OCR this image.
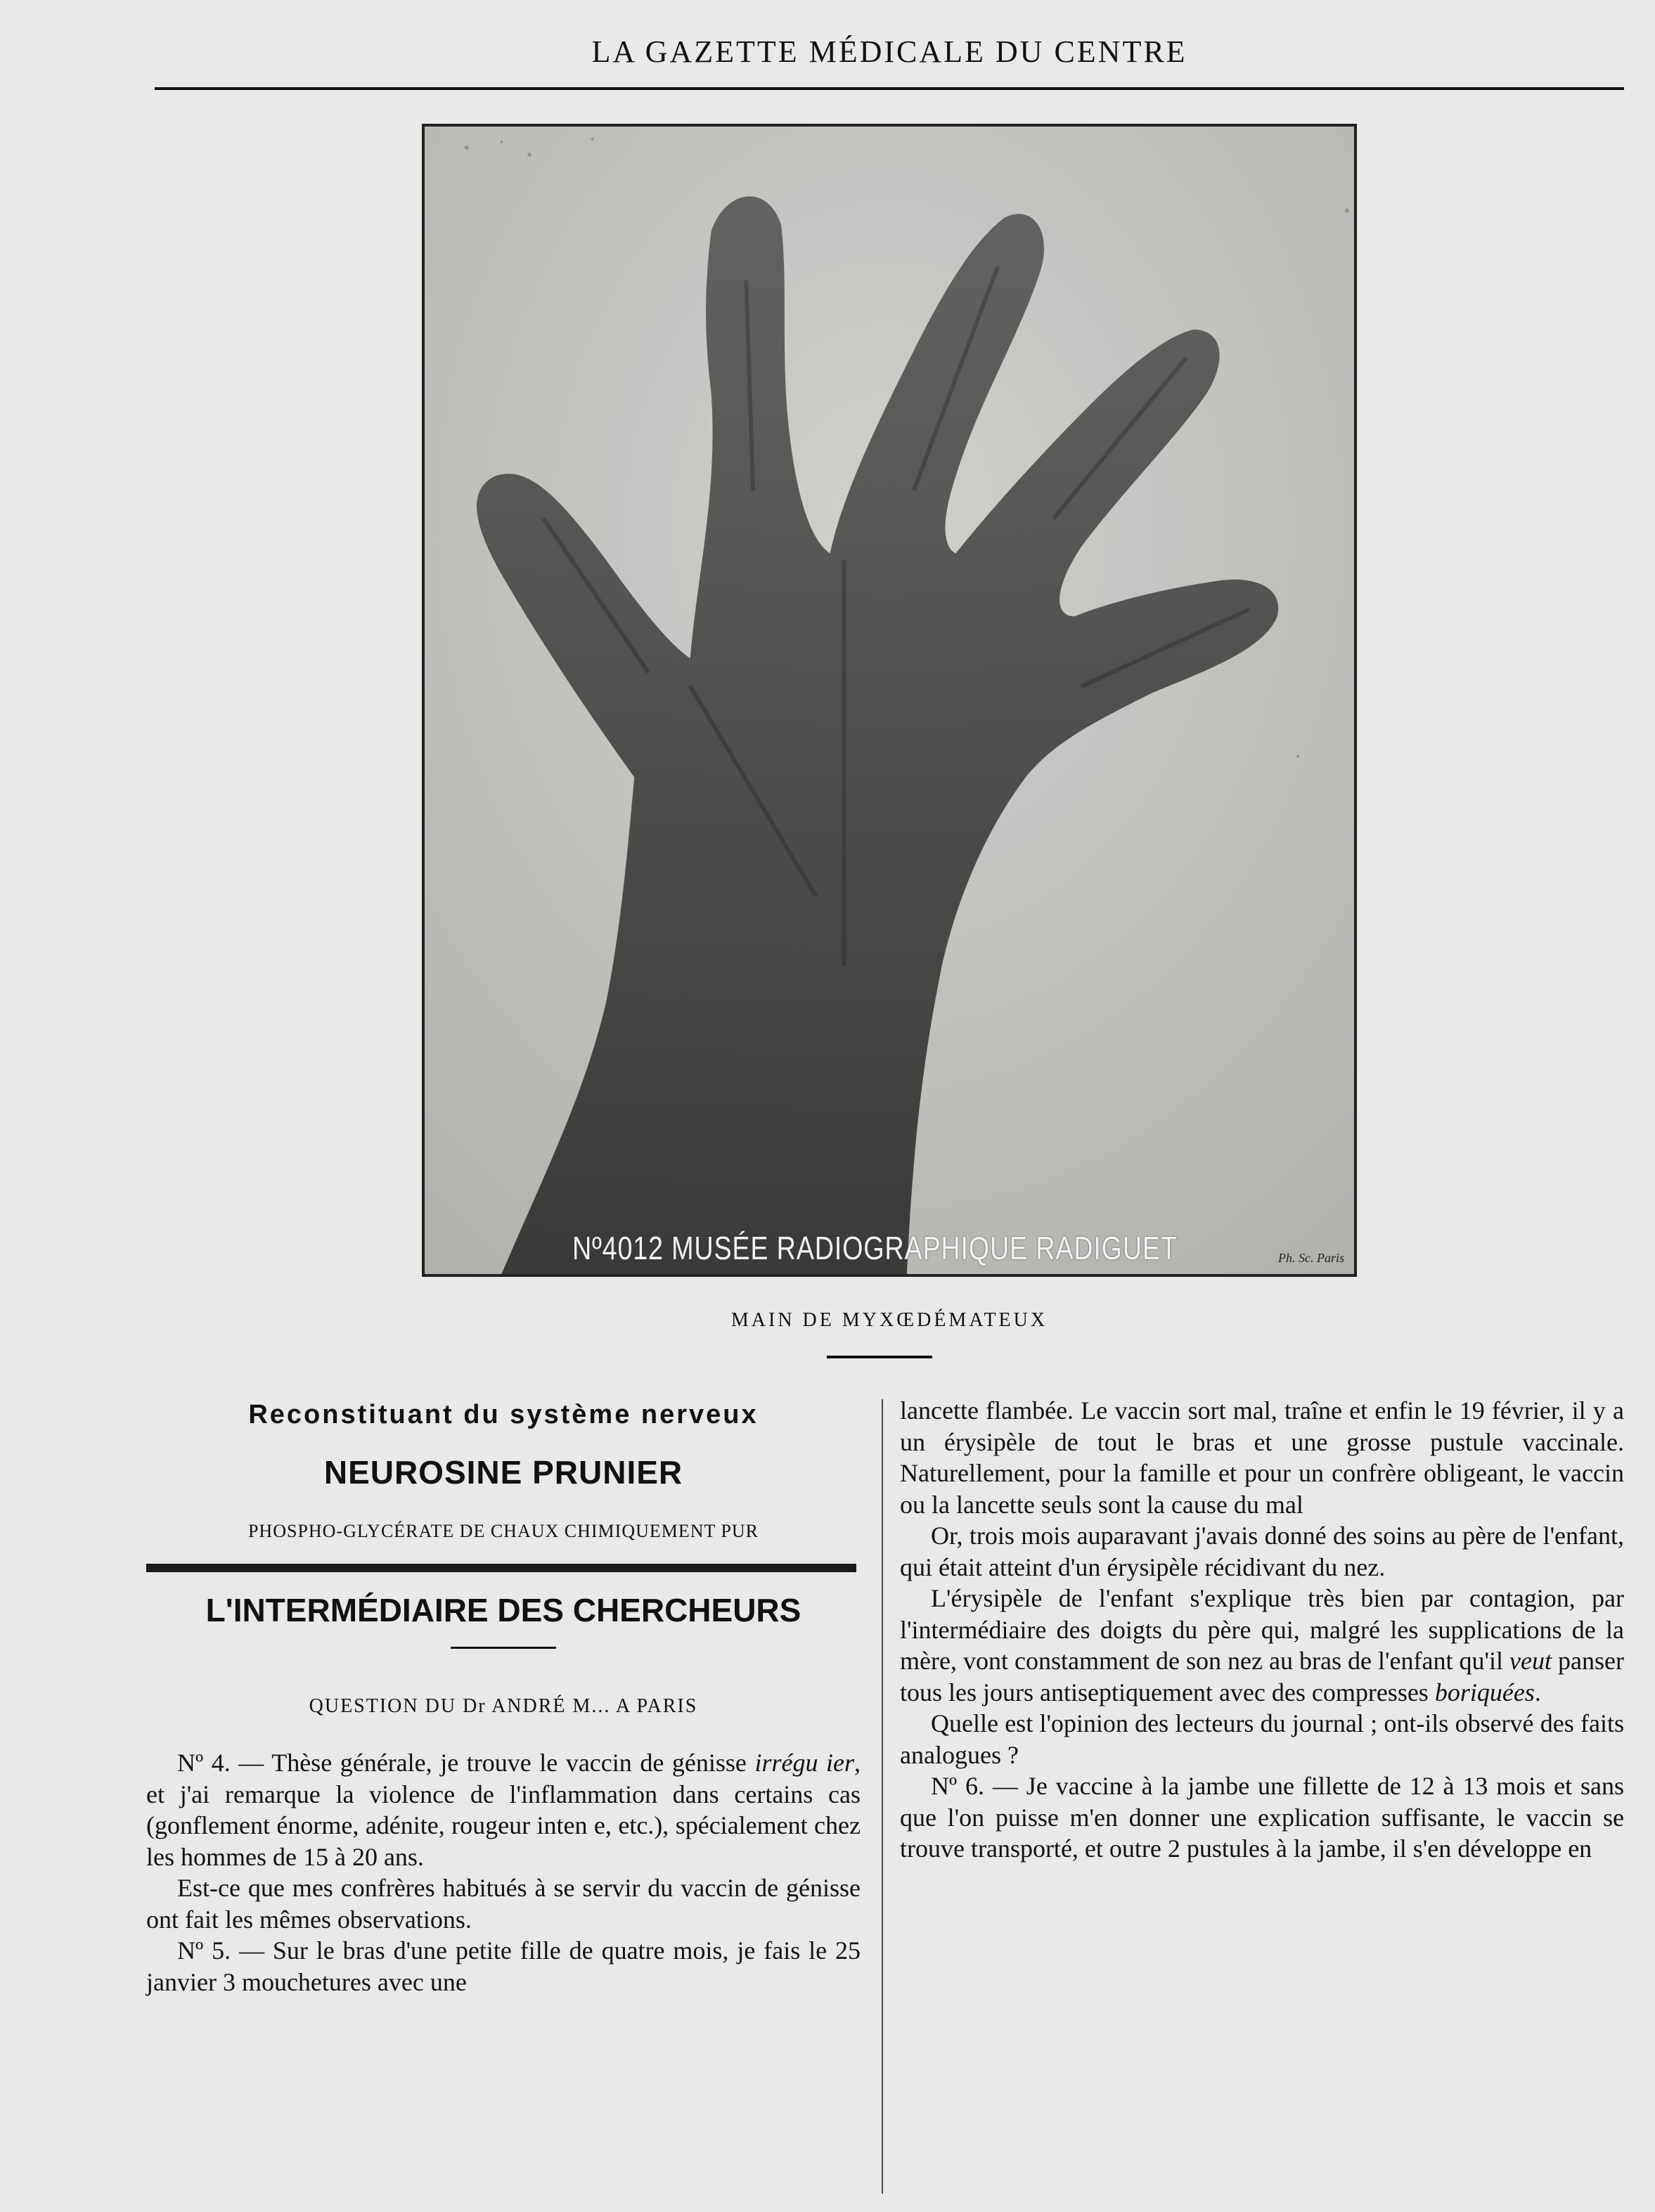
LA GAZETTE MÉDICALE DU CENTRE
Nº4012 MUSÉE RADIOGRAPHIQUE RADIGUET	Ph. Sc. Paris
MAIN DE MYXŒDÉMATEUX
Reconstituant du système nerveux
NEUROSINE PRUNIER
PHOSPHO-GLYCÉRATE DE CHAUX CHIMIQUEMENT PUR
L'INTERMÉDIAIRE DES CHERCHEURS
QUESTION DU Dr ANDRÉ M... A PARIS

Nº 4. — Thèse générale, je trouve le vaccin de génisse irrégu ier, et j'ai remarque la violence de l'inflammation dans certains cas (gonflement énorme, adénite, rougeur inten e, etc.), spécialement chez les hommes de 15 à 20 ans.

Est-ce que mes confrères habitués à se servir du vaccin de génisse ont fait les mêmes observations.

Nº 5. — Sur le bras d'une petite fille de quatre mois, je fais le 25 janvier 3 mouchetures avec une

lancette flambée. Le vaccin sort mal, traîne et enfin le 19 février, il y a un érysipèle de tout le bras et une grosse pustule vaccinale. Naturellement, pour la famille et pour un confrère obligeant, le vaccin ou la lancette seuls sont la cause du mal

Or, trois mois auparavant j'avais donné des soins au père de l'enfant, qui était atteint d'un érysipèle récidivant du nez.

L'érysipèle de l'enfant s'explique très bien par contagion, par l'intermédiaire des doigts du père qui, malgré les supplications de la mère, vont constamment de son nez au bras de l'enfant qu'il veut panser tous les jours antiseptiquement avec des compresses boriquées.

Quelle est l'opinion des lecteurs du journal ; ont-ils observé des faits analogues ?

Nº 6. — Je vaccine à la jambe une fillette de 12 à 13 mois et sans que l'on puisse m'en donner une explication suffisante, le vaccin se trouve transporté, et outre 2 pustules à la jambe, il s'en développe en
